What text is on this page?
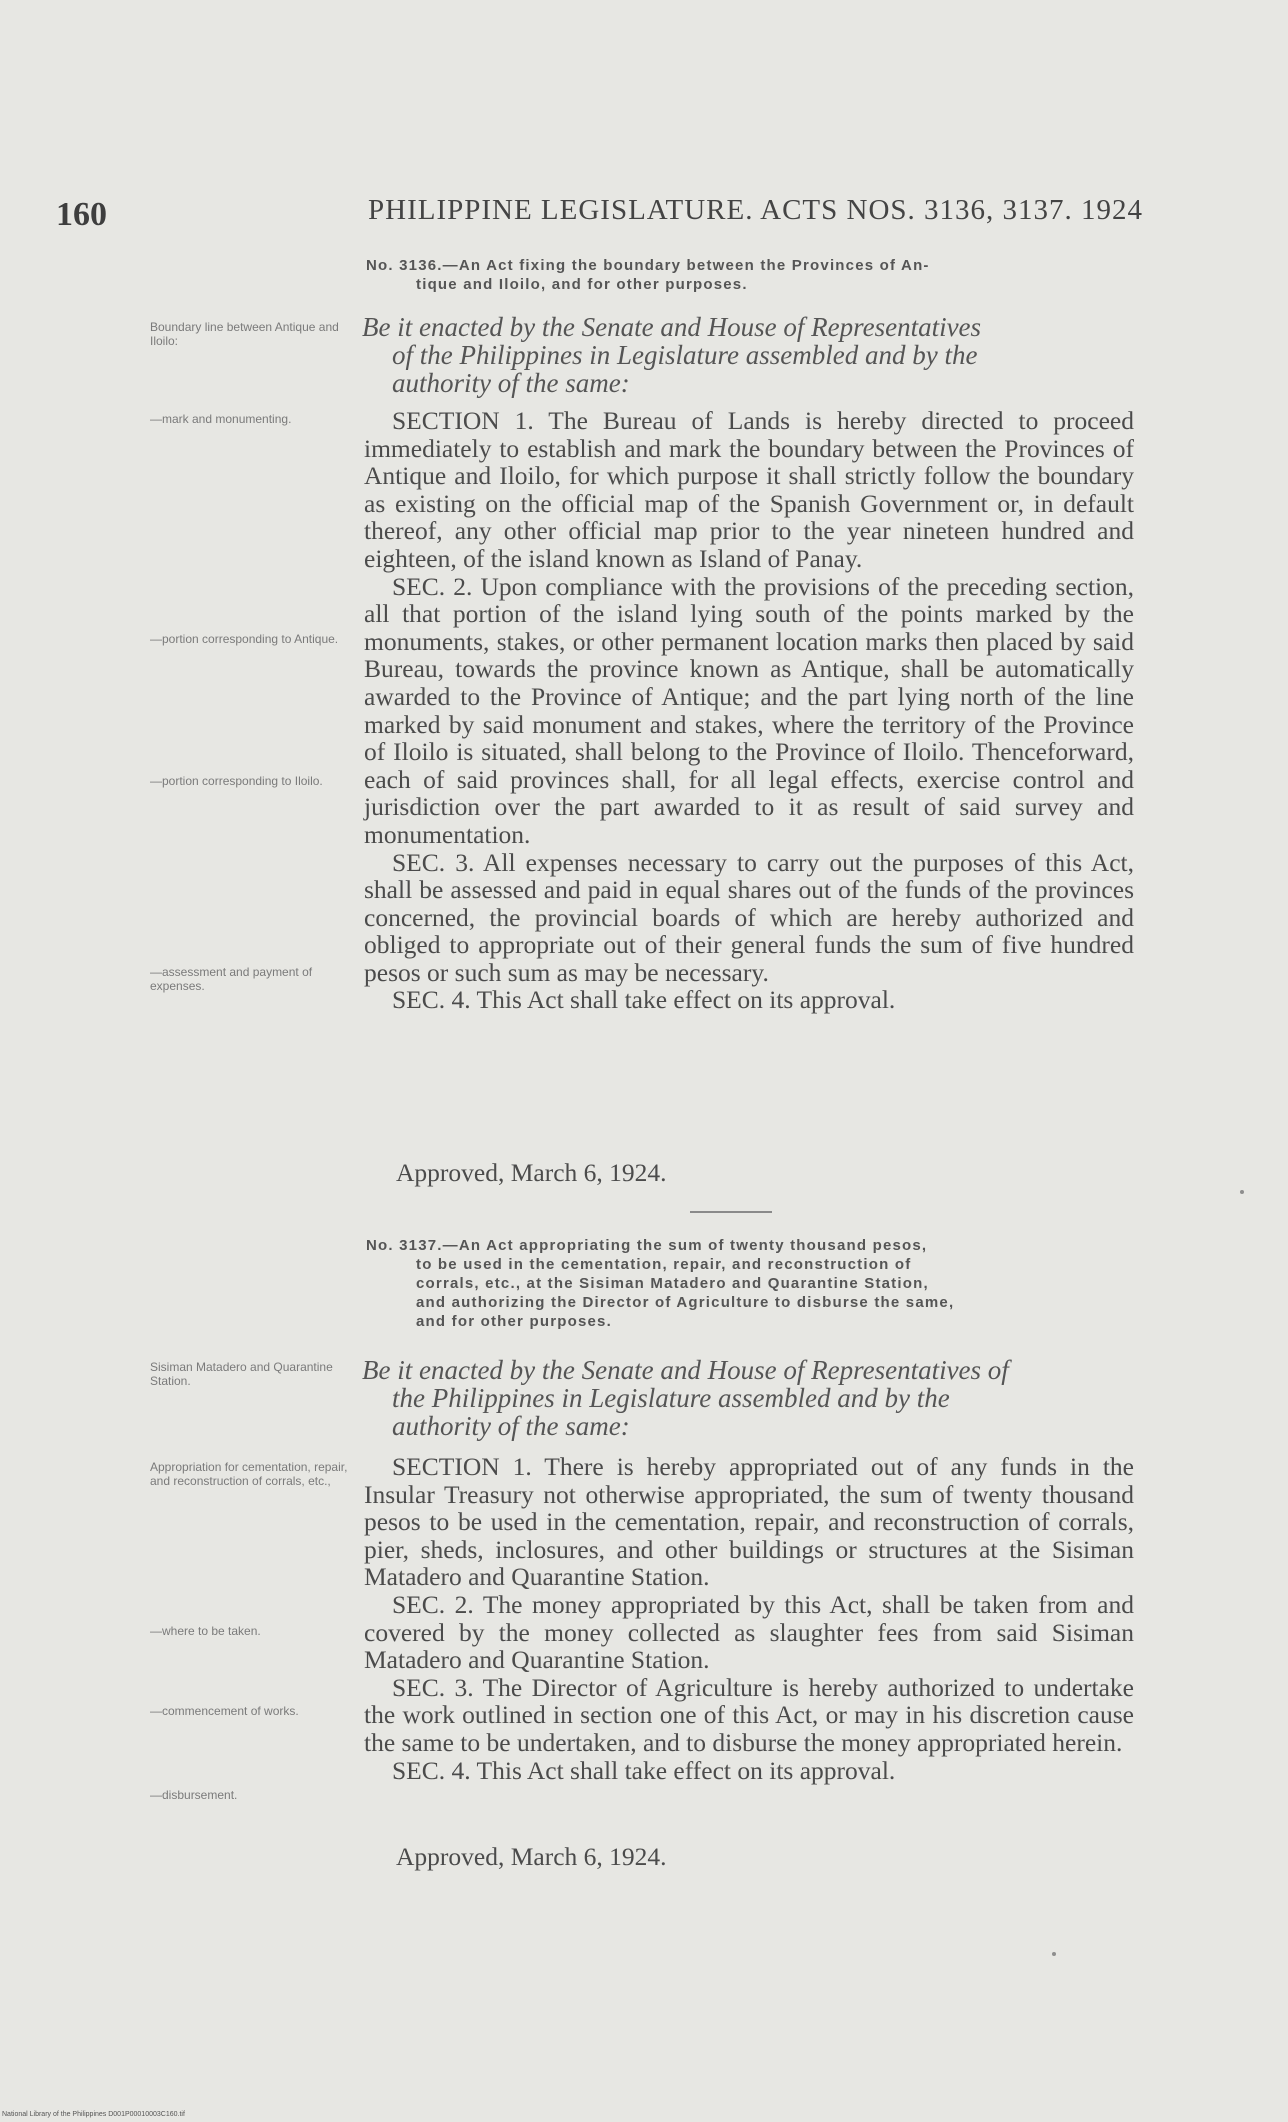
160	PHILIPPINE LEGISLATURE. ACTS NOS. 3136, 3137. 1924
No. 3136.—An Act fixing the boundary between the Provinces of An-
tique and Iloilo, and for other purposes.
Boundary line between Antique and Iloilo:	Be it enacted by the Senate and House of Representatives
of the Philippines in Legislature assembled and by the
authority of the same:
—mark and monumenting.
—portion corresponding to Antique.
—portion corresponding to Iloilo.
—assessment and payment of expenses.

SECTION 1. The Bureau of Lands is hereby directed to proceed immediately to establish and mark the boundary between the Provinces of Antique and Iloilo, for which purpose it shall strictly follow the boundary as existing on the official map of the Spanish Government or, in default thereof, any other official map prior to the year nineteen hundred and eighteen, of the island known as Island of Panay.

SEC. 2. Upon compliance with the provisions of the preceding section, all that portion of the island lying south of the points marked by the monuments, stakes, or other permanent location marks then placed by said Bureau, towards the province known as Antique, shall be automatically awarded to the Province of Antique; and the part lying north of the line marked by said monument and stakes, where the territory of the Province of Iloilo is situated, shall belong to the Province of Iloilo. Thenceforward, each of said provinces shall, for all legal effects, exercise control and jurisdiction over the part awarded to it as result of said survey and monumentation.

SEC. 3. All expenses necessary to carry out the purposes of this Act, shall be assessed and paid in equal shares out of the funds of the provinces concerned, the provincial boards of which are hereby authorized and obliged to appropriate out of their general funds the sum of five hundred pesos or such sum as may be necessary.

SEC. 4. This Act shall take effect on its approval.

Approved, March 6, 1924.
No. 3137.—An Act appropriating the sum of twenty thousand pesos,
to be used in the cementation, repair, and reconstruction of
corrals, etc., at the Sisiman Matadero and Quarantine Station,
and authorizing the Director of Agriculture to disburse the same,
and for other purposes.
Sisiman Matadero and Quarantine Station.	Be it enacted by the Senate and House of Representatives of
the Philippines in Legislature assembled and by the
authority of the same:
Appropriation for cementation, repair, and reconstruction of corrals, etc.,
—where to be taken.
—commencement of works.
—disbursement.

SECTION 1. There is hereby appropriated out of any funds in the Insular Treasury not otherwise appropriated, the sum of twenty thousand pesos to be used in the cementation, repair, and reconstruction of corrals, pier, sheds, inclosures, and other buildings or structures at the Sisiman Matadero and Quarantine Station.

SEC. 2. The money appropriated by this Act, shall be taken from and covered by the money collected as slaughter fees from said Sisiman Matadero and Quarantine Station.

SEC. 3. The Director of Agriculture is hereby authorized to undertake the work outlined in section one of this Act, or may in his discretion cause the same to be undertaken, and to disburse the money appropriated herein.

SEC. 4. This Act shall take effect on its approval.

Approved, March 6, 1924.
National Library of the Philippines D001P00010003C160.tif
